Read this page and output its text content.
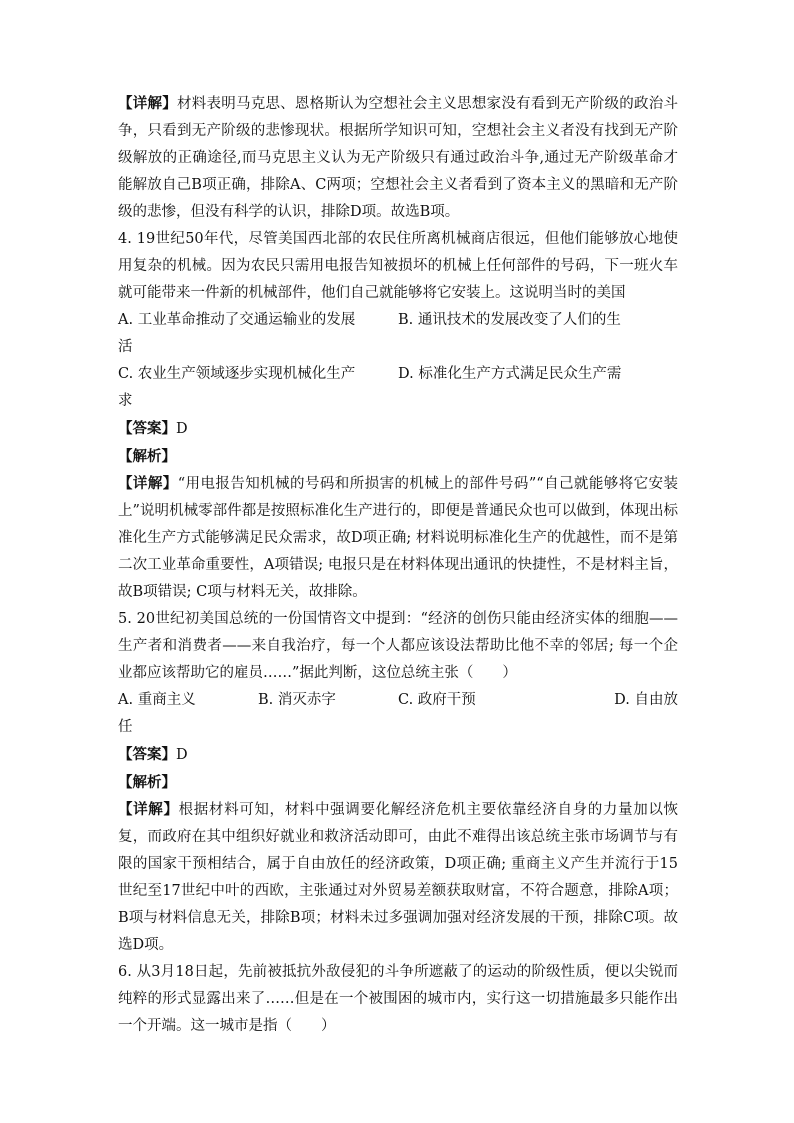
【详解】材料表明马克思、恩格斯认为空想社会主义思想家没有看到无产阶级的政治斗争，只看到无产阶级的悲惨现状。根据所学知识可知，空想社会主义者没有找到无产阶级解放的正确途径,而马克思主义认为无产阶级只有通过政治斗争,通过无产阶级革命才能解放自己B项正确，排除A、C两项；空想社会主义者看到了资本主义的黑暗和无产阶级的悲惨，但没有科学的认识，排除D项。故选B项。

4. 19世纪50年代，尽管美国西北部的农民住所离机械商店很远，但他们能够放心地使用复杂的机械。因为农民只需用电报告知被损坏的机械上任何部件的号码，下一班火车就可能带来一件新的机械部件，他们自己就能够将它安装上。这说明当时的美国

A. 工业革命推动了交通运输业的发展	B. 通讯技术的发展改变了人们的生

活

C. 农业生产领域逐步实现机械化生产	D. 标准化生产方式满足民众生产需

求

【答案】D

【解析】

【详解】“用电报告知机械的号码和所损害的机械上的部件号码”“自己就能够将它安装上”说明机械零部件都是按照标准化生产进行的，即便是普通民众也可以做到，体现出标准化生产方式能够满足民众需求，故D项正确; 材料说明标准化生产的优越性，而不是第二次工业革命重要性，A项错误; 电报只是在材料体现出通讯的快捷性，不是材料主旨，故B项错误; C项与材料无关，故排除。

5. 20世纪初美国总统的一份国情咨文中提到：“经济的创伤只能由经济实体的细胞——生产者和消费者——来自我治疗，每一个人都应该设法帮助比他不幸的邻居; 每一个企业都应该帮助它的雇员……”据此判断，这位总统主张（　　）

A. 重商主义	B. 消灭赤字	C. 政府干预	D. 自由放

任

【答案】D

【解析】

【详解】根据材料可知，材料中强调要化解经济危机主要依靠经济自身的力量加以恢复，而政府在其中组织好就业和救济活动即可，由此不难得出该总统主张市场调节与有限的国家干预相结合，属于自由放任的经济政策，D项正确; 重商主义产生并流行于15世纪至17世纪中叶的西欧，主张通过对外贸易差额获取财富，不符合题意，排除A项；B项与材料信息无关，排除B项；材料未过多强调加强对经济发展的干预，排除C项。故选D项。

6. 从3月18日起，先前被抵抗外敌侵犯的斗争所遮蔽了的运动的阶级性质，便以尖锐而纯粹的形式显露出来了……但是在一个被围困的城市内，实行这一切措施最多只能作出一个开端。这一城市是指（　　）
